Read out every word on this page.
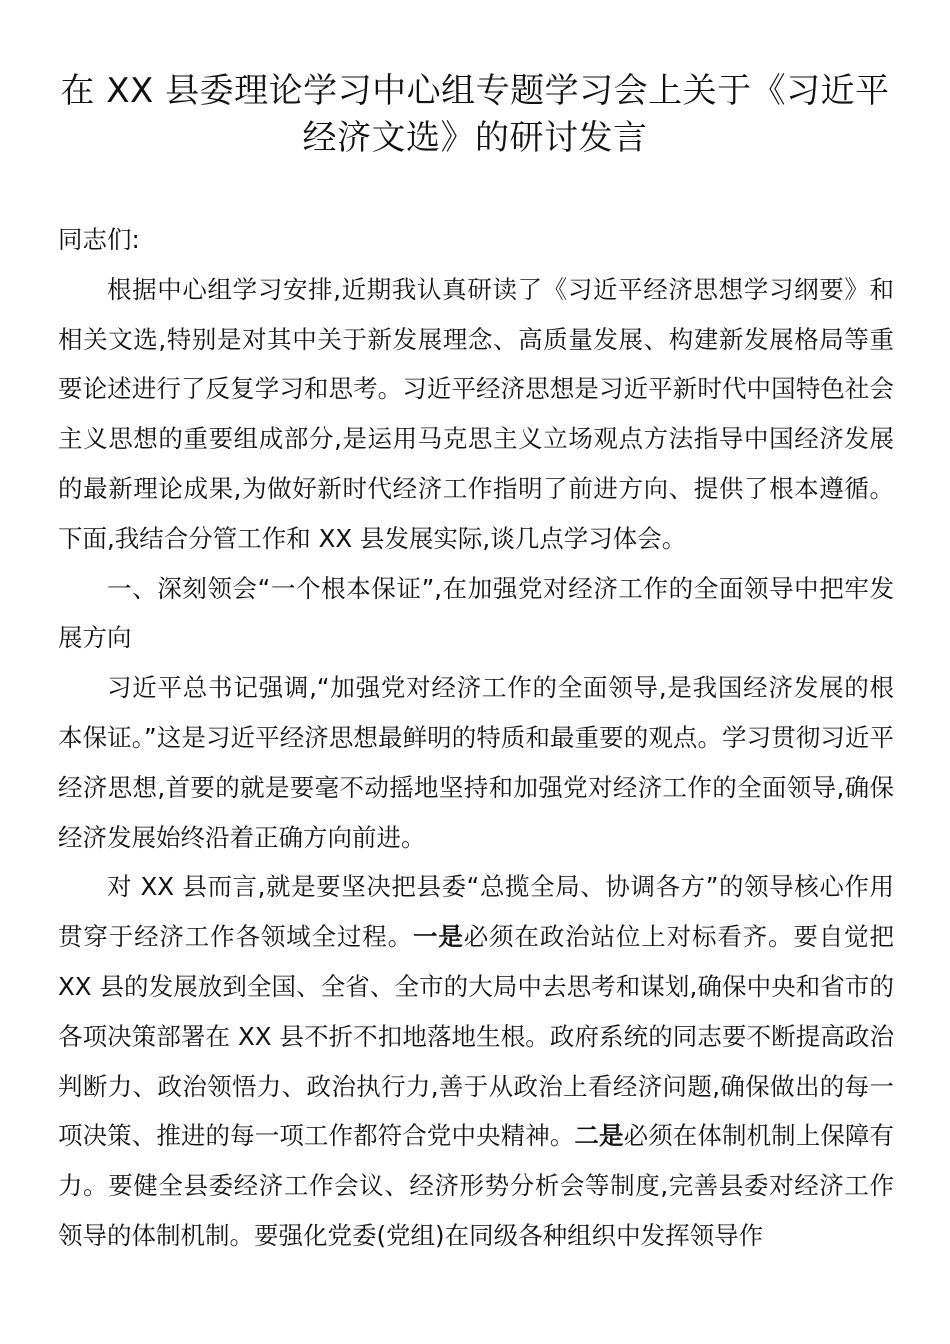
在 XX 县委理论学习中心组专题学习会上关于《习近平
经济文选》的研讨发言

同志们:

根据中心组学习安排,近期我认真研读了《习近平经济思想学习纲要》和相关文选,特别是对其中关于新发展理念、高质量发展、构建新发展格局等重要论述进行了反复学习和思考。习近平经济思想是习近平新时代中国特色社会主义思想的重要组成部分,是运用马克思主义立场观点方法指导中国经济发展的最新理论成果,为做好新时代经济工作指明了前进方向、提供了根本遵循。下面,我结合分管工作和 XX 县发展实际,谈几点学习体会。

一、深刻领会“一个根本保证”,在加强党对经济工作的全面领导中把牢发展方向

习近平总书记强调,“加强党对经济工作的全面领导,是我国经济发展的根本保证。”这是习近平经济思想最鲜明的特质和最重要的观点。学习贯彻习近平经济思想,首要的就是要毫不动摇地坚持和加强党对经济工作的全面领导,确保经济发展始终沿着正确方向前进。

对 XX 县而言,就是要坚决把县委“总揽全局、协调各方”的领导核心作用贯穿于经济工作各领域全过程。一是必须在政治站位上对标看齐。要自觉把 XX 县的发展放到全国、全省、全市的大局中去思考和谋划,确保中央和省市的各项决策部署在 XX 县不折不扣地落地生根。政府系统的同志要不断提高政治判断力、政治领悟力、政治执行力,善于从政治上看经济问题,确保做出的每一项决策、推进的每一项工作都符合党中央精神。二是必须在体制机制上保障有力。要健全县委经济工作会议、经济形势分析会等制度,完善县委对经济工作领导的体制机制。要强化党委(党组)在同级各种组织中发挥领导作
